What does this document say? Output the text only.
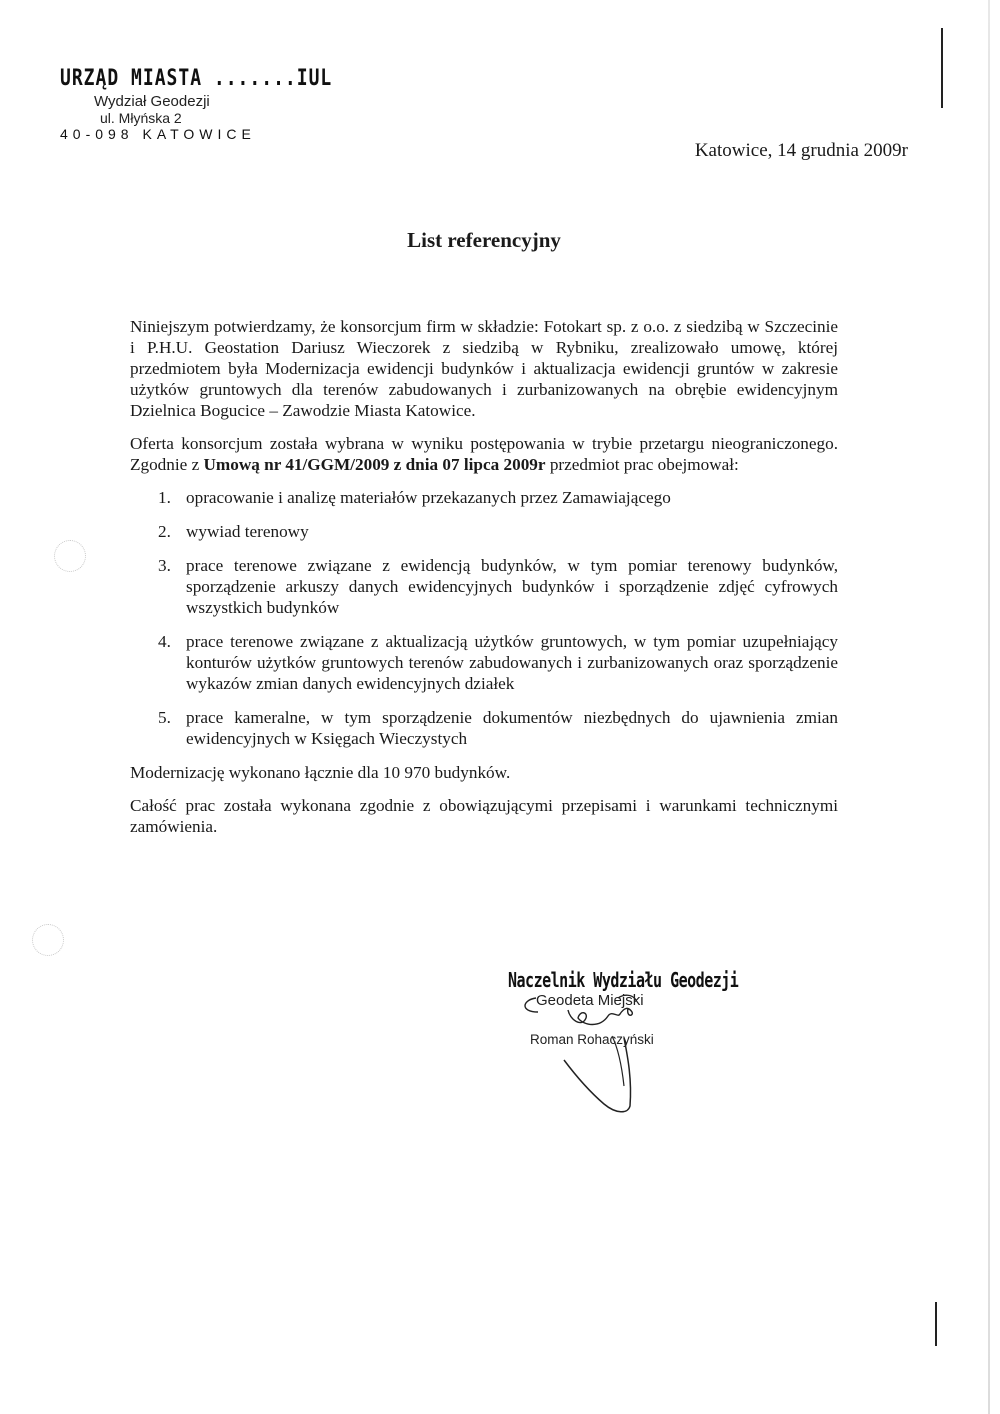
URZĄD MIASTA .......IUL
Wydział Geodezji
ul. Młyńska 2
40-098 KATOWICE
Katowice, 14 grudnia 2009r
List referencyjny

Niniejszym potwierdzamy, że konsorcjum firm w składzie: Fotokart sp. z o.o. z siedzibą w Szczecinie i P.H.U. Geostation Dariusz Wieczorek z siedzibą w Rybniku, zrealizowało umowę, której przedmiotem była Modernizacja ewidencji budynków i aktualizacja ewidencji gruntów w zakresie użytków gruntowych dla terenów zabudowanych i zurbanizowanych na obrębie ewidencyjnym Dzielnica Bogucice – Zawodzie Miasta Katowice.

Oferta konsorcjum została wybrana w wyniku postępowania w trybie przetargu nieograniczonego. Zgodnie z Umową nr 41/GGM/2009 z dnia 07 lipca 2009r przedmiot prac obejmował:

1. opracowanie i analizę materiałów przekazanych przez Zamawiającego
2. wywiad terenowy
3. prace terenowe związane z ewidencją budynków, w tym pomiar terenowy budynków, sporządzenie arkuszy danych ewidencyjnych budynków i sporządzenie zdjęć cyfrowych wszystkich budynków
4. prace terenowe związane z aktualizacją użytków gruntowych, w tym pomiar uzupełniający konturów użytków gruntowych terenów zabudowanych i zurbanizowanych oraz sporządzenie wykazów zmian danych ewidencyjnych działek
5. prace kameralne, w tym sporządzenie dokumentów niezbędnych do ujawnienia zmian ewidencyjnych w Księgach Wieczystych

Modernizację wykonano łącznie dla 10 970 budynków.

Całość prac została wykonana zgodnie z obowiązującymi przepisami i warunkami technicznymi zamówienia.

Naczelnik Wydziału Geodezji
Geodeta Miejski
Roman Rohaczyński
